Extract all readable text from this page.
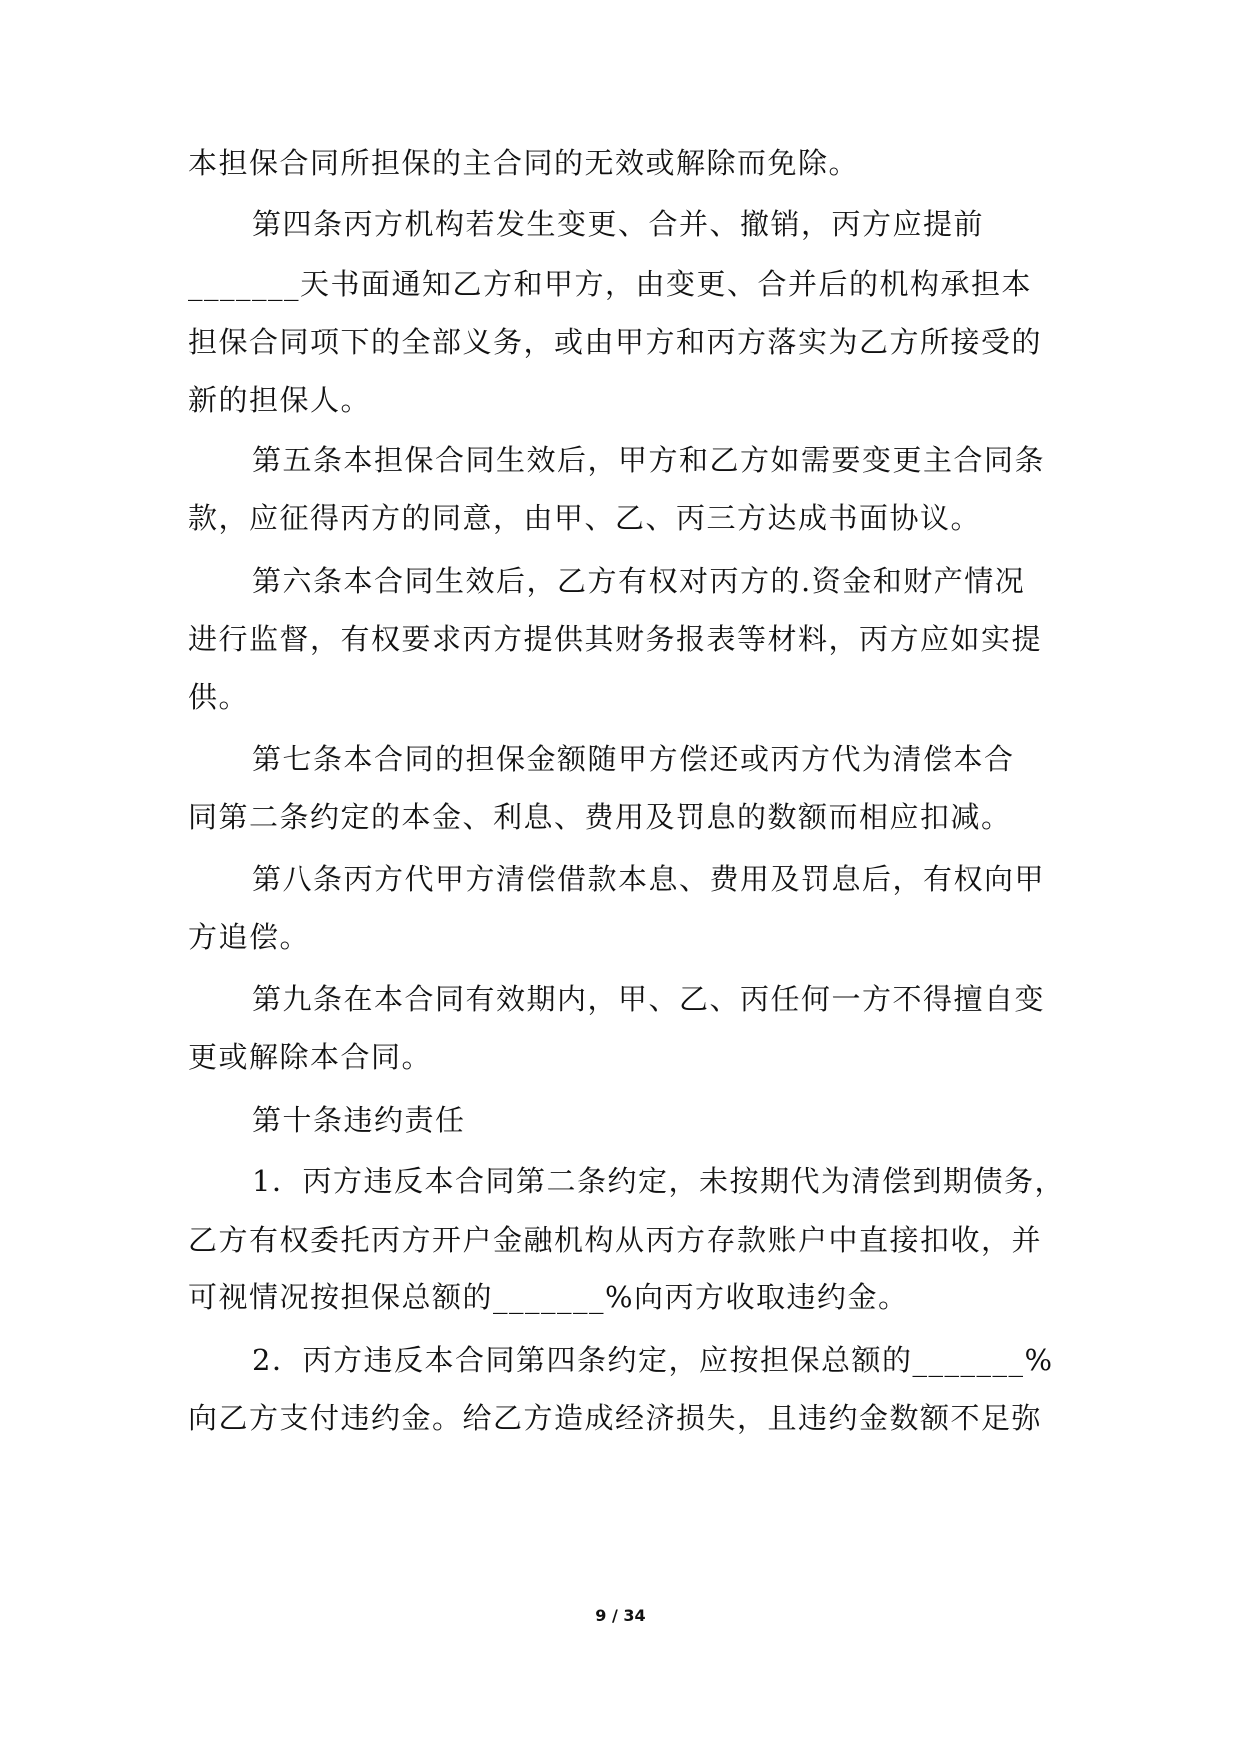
本担保合同所担保的主合同的无效或解除而免除。
第四条丙方机构若发生变更、合并、撤销，丙方应提前
_______天书面通知乙方和甲方，由变更、合并后的机构承担本
担保合同项下的全部义务，或由甲方和丙方落实为乙方所接受的
新的担保人。
第五条本担保合同生效后，甲方和乙方如需要变更主合同条
款，应征得丙方的同意，由甲、乙、丙三方达成书面协议。
第六条本合同生效后，乙方有权对丙方的.资金和财产情况
进行监督，有权要求丙方提供其财务报表等材料，丙方应如实提
供。
第七条本合同的担保金额随甲方偿还或丙方代为清偿本合
同第二条约定的本金、利息、费用及罚息的数额而相应扣减。
第八条丙方代甲方清偿借款本息、费用及罚息后，有权向甲
方追偿。
第九条在本合同有效期内，甲、乙、丙任何一方不得擅自变
更或解除本合同。
第十条违约责任
1．丙方违反本合同第二条约定，未按期代为清偿到期债务，
乙方有权委托丙方开户金融机构从丙方存款账户中直接扣收，并
可视情况按担保总额的_______%向丙方收取违约金。
2．丙方违反本合同第四条约定，应按担保总额的_______%
向乙方支付违约金。给乙方造成经济损失，且违约金数额不足弥
9 / 34
